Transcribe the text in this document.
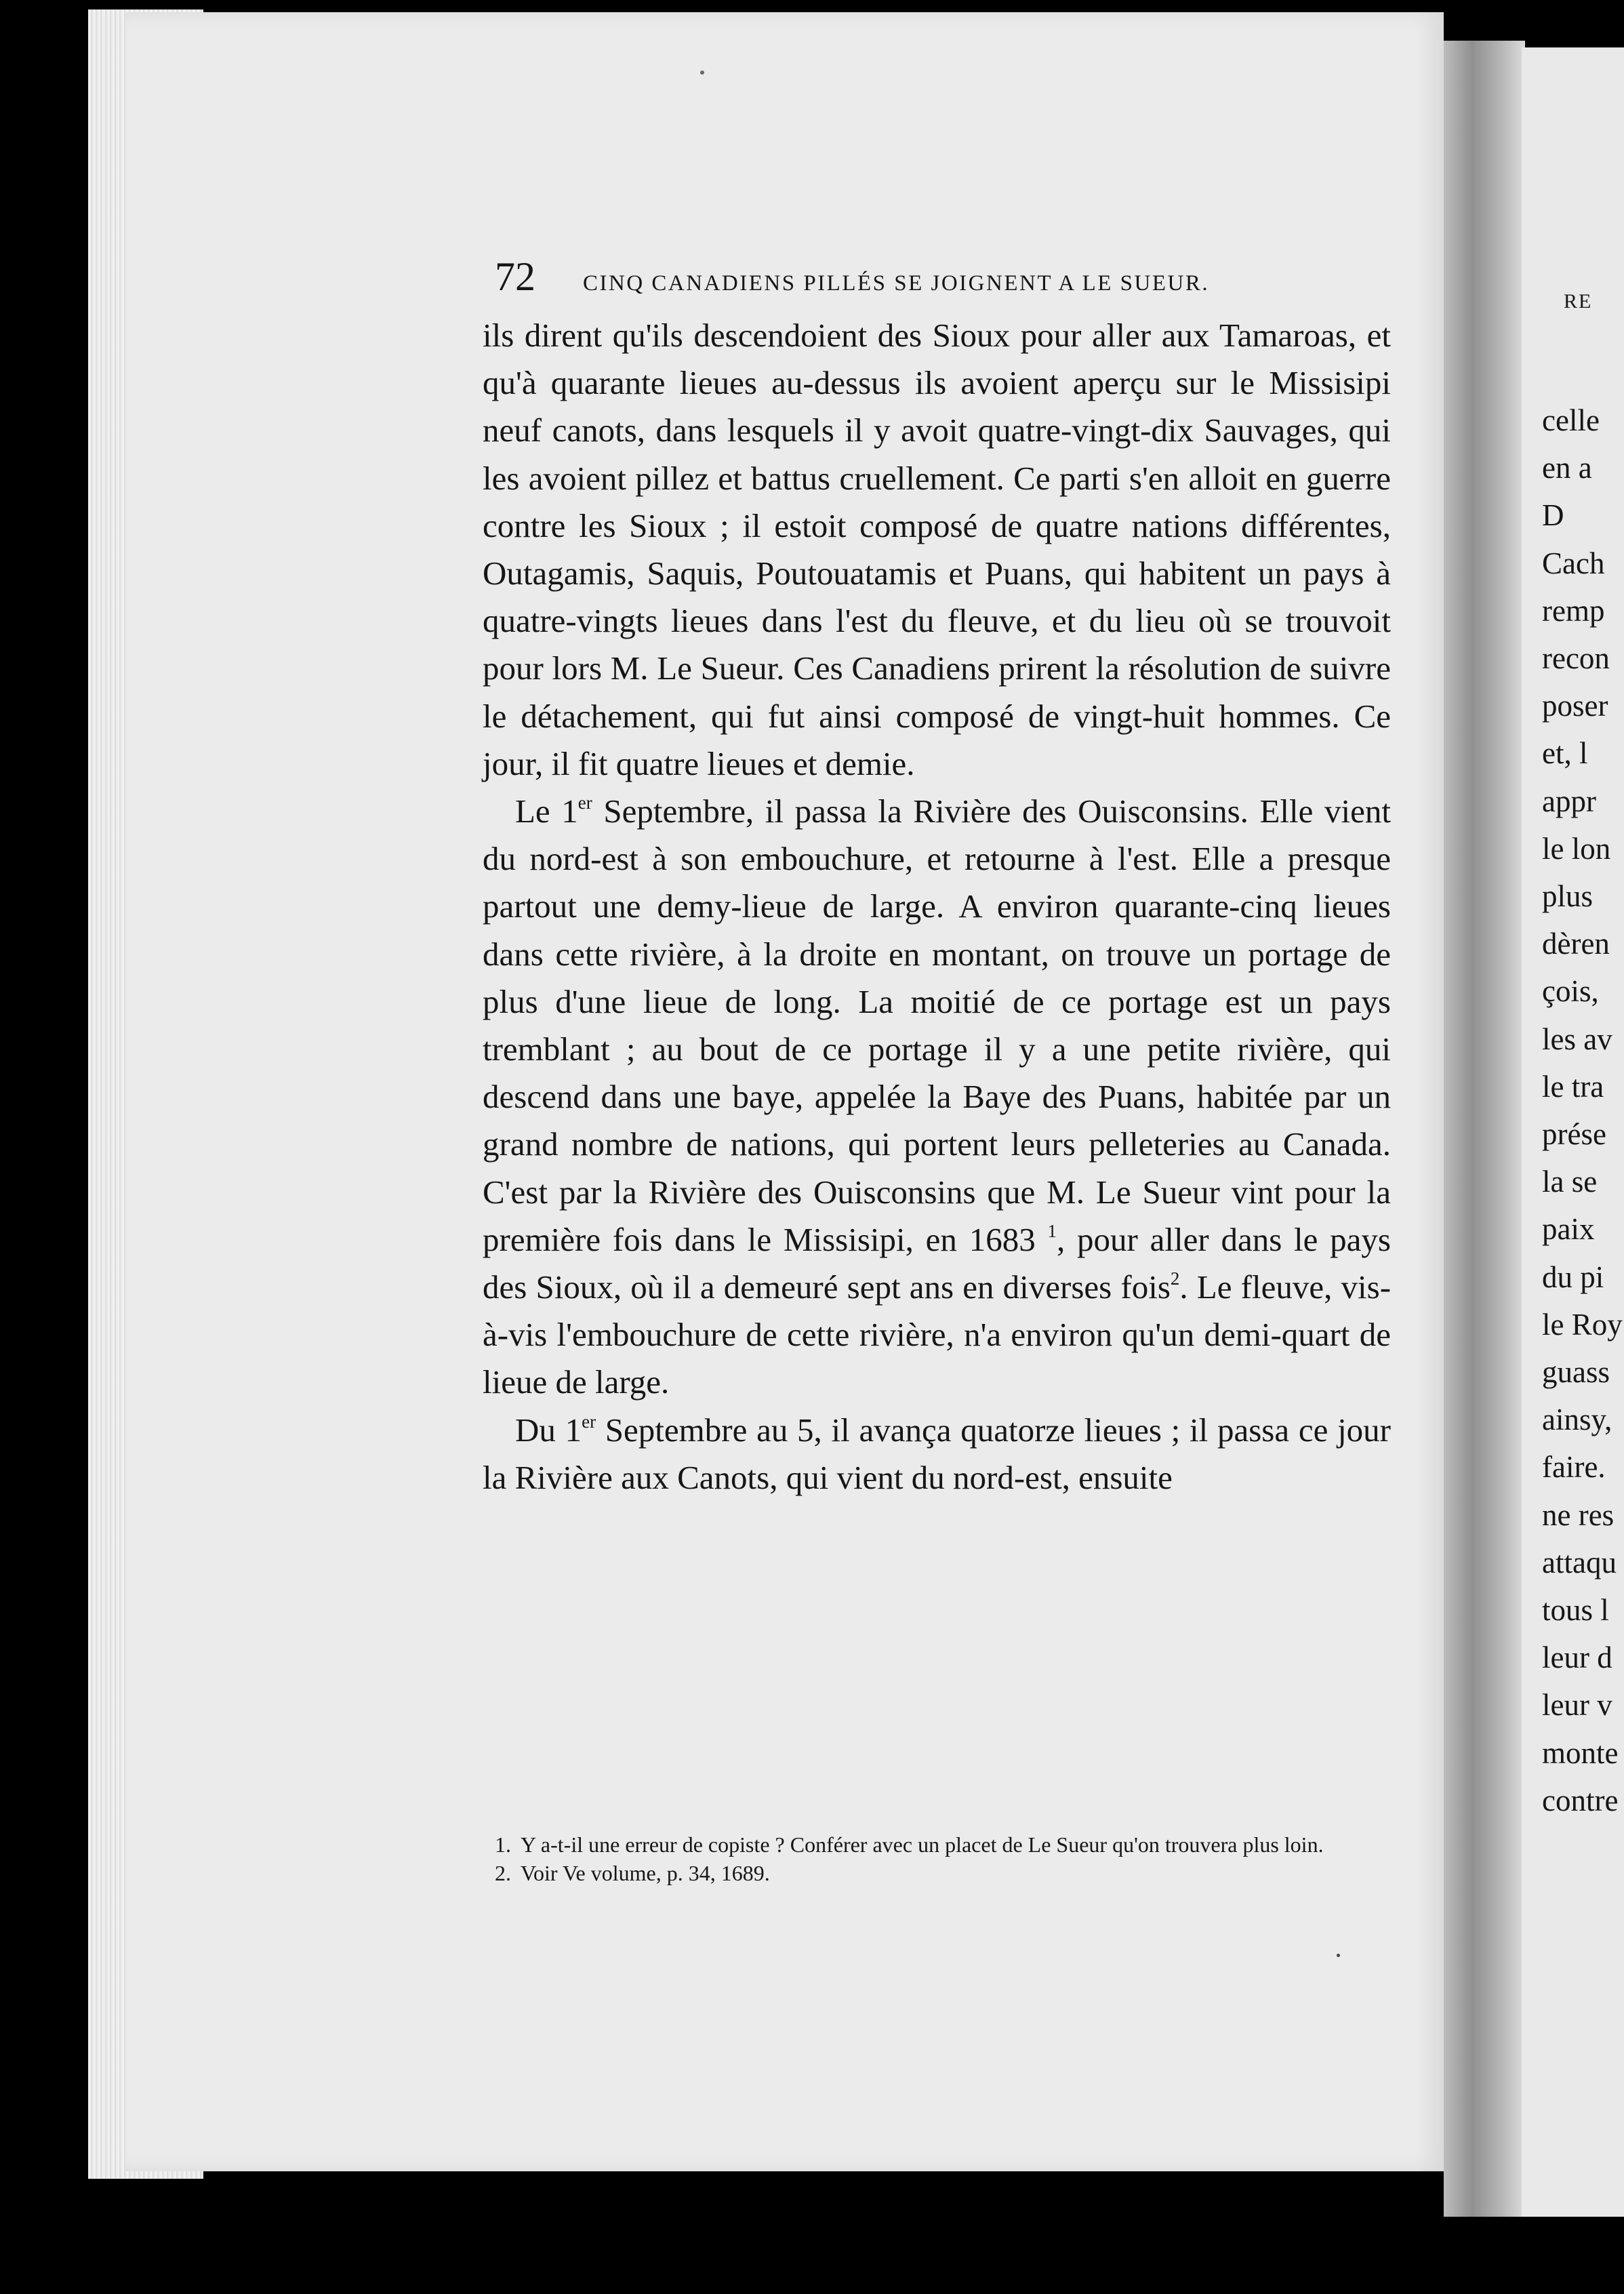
72	CINQ CANADIENS PILLÉS SE JOIGNENT A LE SUEUR.

ils dirent qu'ils descendoient des Sioux pour aller aux Tamaroas, et qu'à quarante lieues au-dessus ils avoient aperçu sur le Missisipi neuf canots, dans lesquels il y avoit quatre-vingt-dix Sauvages, qui les avoient pillez et battus cruellement. Ce parti s'en alloit en guerre contre les Sioux ; il estoit composé de quatre nations différentes, Outagamis, Saquis, Poutouatamis et Puans, qui habitent un pays à quatre-vingts lieues dans l'est du fleuve, et du lieu où se trouvoit pour lors M. Le Sueur. Ces Canadiens prirent la résolution de suivre le détachement, qui fut ainsi composé de vingt-huit hommes. Ce jour, il fit quatre lieues et demie.

Le 1er Septembre, il passa la Rivière des Ouisconsins. Elle vient du nord-est à son embouchure, et retourne à l'est. Elle a presque partout une demy-lieue de large. A environ quarante-cinq lieues dans cette rivière, à la droite en montant, on trouve un portage de plus d'une lieue de long. La moitié de ce portage est un pays tremblant ; au bout de ce portage il y a une petite rivière, qui descend dans une baye, appelée la Baye des Puans, habitée par un grand nombre de nations, qui portent leurs pelleteries au Canada. C'est par la Rivière des Ouisconsins que M. Le Sueur vint pour la première fois dans le Missisipi, en 1683 $^1$, pour aller dans le pays des Sioux, où il a demeuré sept ans en diverses fois$^2$. Le fleuve, vis-à-vis l'embouchure de cette rivière, n'a environ qu'un demi-quart de lieue de large.

Du 1er Septembre au 5, il avança quatorze lieues ; il passa ce jour la Rivière aux Canots, qui vient du nord-est, ensuite

1. Y a-t-il une erreur de copiste ? Conférer avec un placet de Le Sueur qu'on trouvera plus loin.

2. Voir Ve volume, p. 34, 1689.

RE
celle
en a
D
Cach
remp
recon
poser
et, l
appr
le lon
plus
dèren
çois,
les av
le tra
prése
la se
paix
du pi
le Roy
guass
ainsy,
faire.
ne res
attaqu
tous l
leur d
leur v
monte
contre
